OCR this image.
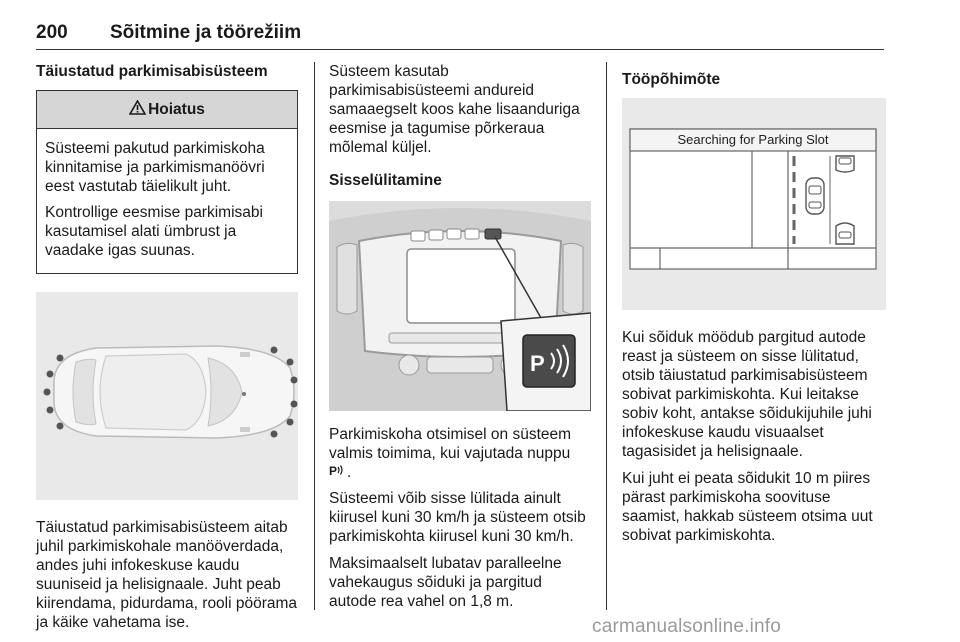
200 Sõitmine ja töörežiim
Täiustatud parkimisabisüsteem
Hoiatus

Süsteemi pakutud parkimiskoha kinnitamise ja parkimismanöövri eest vastutab täielikult juht.

Kontrollige eesmise parkimisabi kasutamisel alati ümbrust ja vaadake igas suunas.

Täiustatud parkimisabisüsteem aitab juhil parkimiskohale manööverdada, andes juhi infokeskuse kaudu suuniseid ja helisignaale. Juht peab kiirendama, pidurdama, rooli pöörama ja käike vahetama ise.

Süsteem kasutab parkimisabisüsteemi andureid samaaegselt koos kahe lisaanduriga eesmise ja tagumise põrkeraua mõlemal küljel.

Sisselülitamine
P

Parkimiskoha otsimisel on süsteem valmis toimima, kui vajutada nuppu
P .

Süsteemi võib sisse lülitada ainult kiirusel kuni 30 km/h ja süsteem otsib parkimiskohta kiirusel kuni 30 km/h.

Maksimaalselt lubatav paralleelne vahekaugus sõiduki ja pargitud autode rea vahel on 1,8 m.

Tööpõhimõte
Searching for Parking Slot

Kui sõiduk möödub pargitud autode reast ja süsteem on sisse lülitatud, otsib täiustatud parkimisabisüsteem sobivat parkimiskohta. Kui leitakse sobiv koht, antakse sõidukijuhile juhi infokeskuse kaudu visuaalset tagasisidet ja helisignaale.

Kui juht ei peata sõidukit 10 m piires pärast parkimiskoha soovituse saamist, hakkab süsteem otsima uut sobivat parkimiskohta.

carmanualsonline.info
